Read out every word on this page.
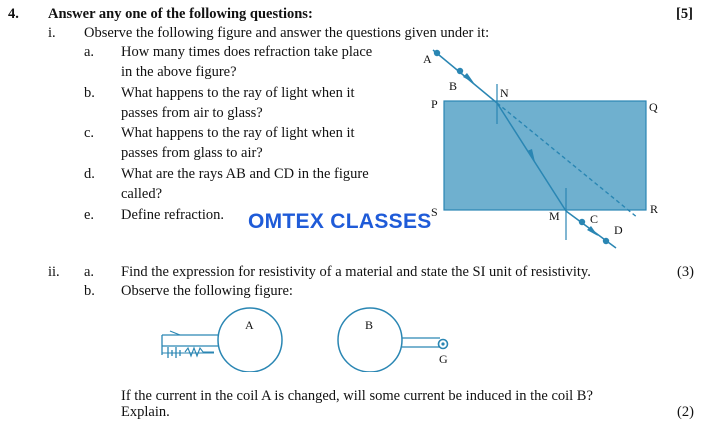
4. Answer any one of the following questions:	[5]
i. Observe the following figure and answer the questions given under it:
a. How many times does refraction take place
in the above figure?
b. What happens to the ray of light when it
passes from air to glass?
c. What happens to the ray of light when it
passes from glass to air?
d. What are the rays AB and CD in the figure
called?
e. Define refraction. OMTEX CLASSES
A
B	N
P	Q
S	R
M	C
D
ii. a. Find the expression for resistivity of a material and state the SI unit of resistivity.	(3)
b. Observe the following figure:
A	B
G
If the current in the coil A is changed, will some current be induced in the coil B?
Explain.	(2)
